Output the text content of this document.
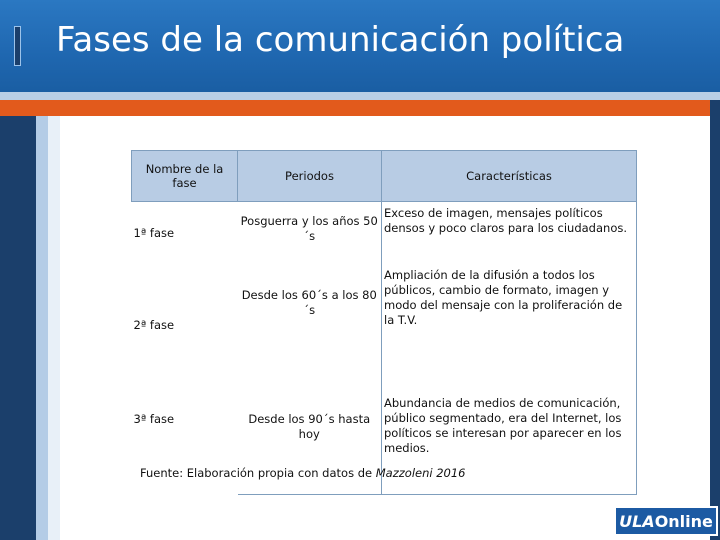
Fases de la comunicación política
Nombre de la fase	Periodos	Características
1ª fase	Posguerra y los años 50´s	Exceso de imagen, mensajes políticos densos y poco claros para los ciudadanos.
2ª fase	Desde los 60´s a los 80´s	Ampliación de la difusión a todos los públicos, cambio de formato, imagen y modo del mensaje con la proliferación de la T.V.
3ª fase	Desde los 90´s hasta hoy	Abundancia de medios de comunicación, público segmentado, era del Internet, los políticos se interesan por aparecer en los medios.
Fuente: Elaboración propia con datos de Mazzoleni 2016
ULA Online
